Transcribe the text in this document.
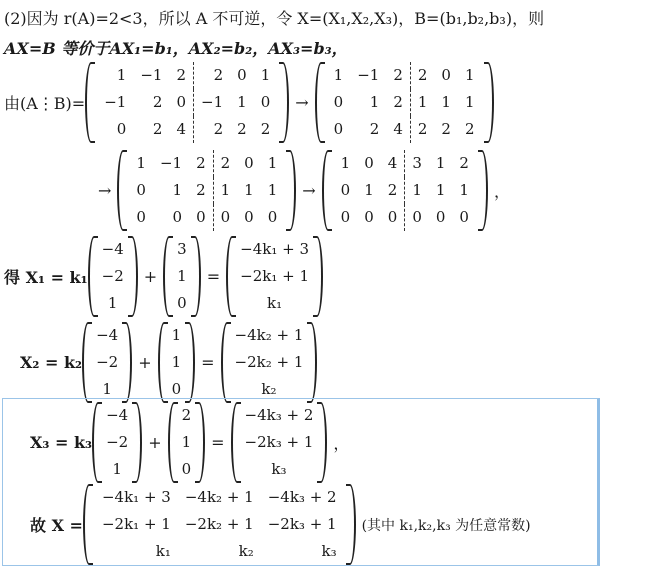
(2)因为 r(A)=2<3，所以 A 不可逆，令 X=(X₁,X₂,X₃)，B=(b₁,b₂,b₃)，则
AX=B 等价于AX₁=b₁，AX₂=b₂，AX₃=b₃，
由(A⋮B)=
1 −1 2	2 0 1
−1	2 0	−1 1 0
0	2 4	2 2 2
→
1 −1 2	2 0 1
0	1 2	1 1 1
0	2 4	2 2 2
→
1 −1 2	2 0 1
0	1 2	1 1 1
0	0 0	0 0 0
→
1 0 4	3 1 2
0 1 2	1 1 1
0 0 0	0 0 0
，
得 X₁ = k₁
−4
−2
1
+
3
1
0
=
−4k₁ + 3
−2k₁ + 1
k₁
X₂ = k₂
−4
−2
1
+
1
1
0
=
−4k₂ + 1
−2k₂ + 1
k₂
X₃ = k₃
−4
−2
1
+
2
1
0
=
−4k₃ + 2
−2k₃ + 1
k₃
，
故 X =
−4k₁ + 3 −4k₂ + 1 −4k₃ + 2
−2k₁ + 1 −2k₂ + 1 −2k₃ + 1
k₁	k₂	k₃
(其中 k₁,k₂,k₃ 为任意常数)
